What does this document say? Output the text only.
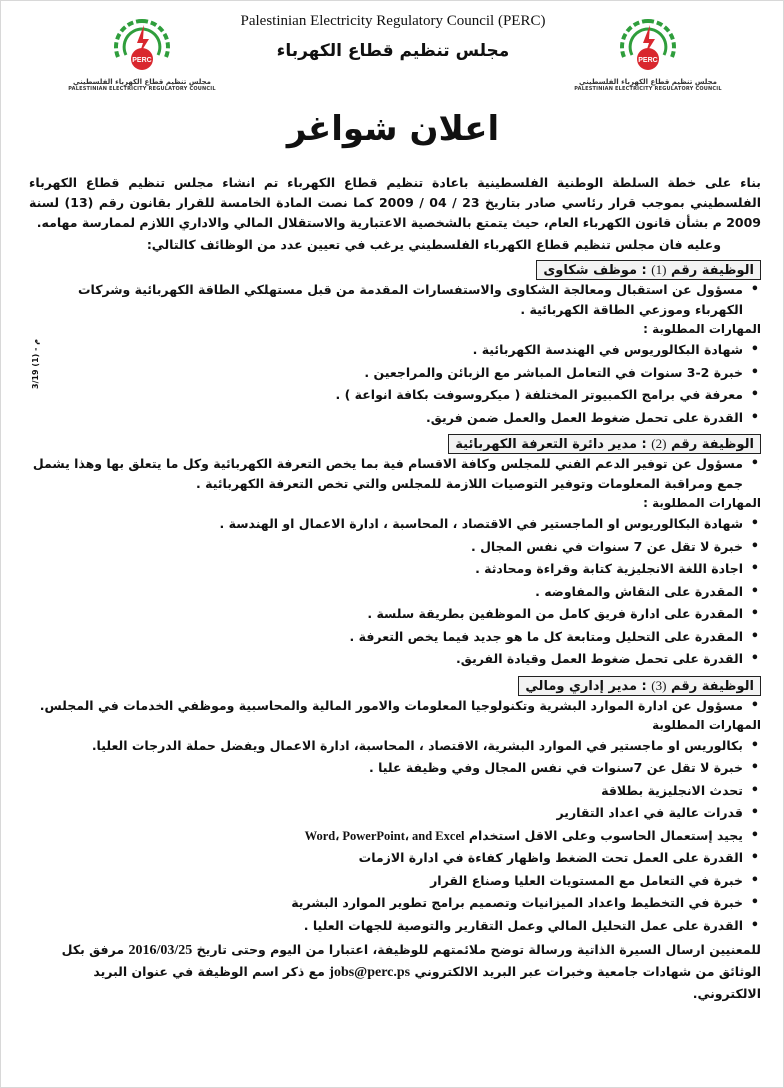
PERC
مجلس تنظيم قطاع الكهرباء الفلسطيني
PALESTINIAN ELECTRICITY REGULATORY COUNCIL
PERC
مجلس تنظيم قطاع الكهرباء الفلسطيني
PALESTINIAN ELECTRICITY REGULATORY COUNCIL
Palestinian Electricity Regulatory Council (PERC)
مجلس تنظيم قطاع الكهرباء
اعلان شواغر
م - (1) 3/19

بناء على خطة السلطة الوطنية الفلسطينية باعادة تنظيم قطاع الكهرباء تم انشاء مجلس تنظيم قطاع الكهرباء الفلسطيني بموجب قرار رئاسي صادر بتاريخ 23 / 04 / 2009 كما نصت المادة الخامسة للقرار بقانون رقم (13) لسنة 2009 م بشأن قانون الكهرباء العام، حيث يتمتع بالشخصية الاعتبارية والاستقلال المالي والاداري اللازم لممارسة مهامه.

وعليه فان مجلس تنظيم قطاع الكهرباء الفلسطيني يرغب في تعيين عدد من الوظائف كالتالي:

الوظيفة رقم (1) : موظف شكاوى
• مسؤول عن استقبال ومعالجة الشكاوى والاستفسارات المقدمة من قبل مستهلكي الطاقة الكهربائية وشركات الكهرباء وموزعي الطاقة الكهربائية .

المهارات المطلوبة :

• شهادة البكالوريوس في الهندسة الكهربائية .
• خبرة 2-3 سنوات في التعامل المباشر مع الزبائن والمراجعين .
• معرفة في برامج الكمبيوتر المختلفة ( ميكروسوفت بكافة انواعة ) .
• القدرة على تحمل ضغوط العمل والعمل ضمن فريق.
الوظيفة رقم (2) : مدير دائرة التعرفة الكهربائية
• مسؤول عن توفير الدعم الفني للمجلس وكافة الاقسام فية بما يخص التعرفة الكهربائية وكل ما يتعلق بها وهذا يشمل جمع ومراقبة المعلومات وتوفير التوصيات اللازمة للمجلس والتي تخص التعرفة الكهربائية .

المهارات المطلوبة :

• شهادة البكالوريوس او الماجستير في الاقتصاد ، المحاسبة ، ادارة الاعمال او الهندسة .
• خبرة لا تقل عن 7 سنوات في نفس المجال .
• اجادة اللغة الانجليزية كتابة وقراءة ومحادثة .
• المقدرة على النقاش والمفاوضه .
• المقدرة على ادارة فريق كامل من الموظفين بطريقة سلسة .
• المقدرة على التحليل ومتابعة كل ما هو جديد فيما يخص التعرفة .
• القدرة على تحمل ضغوط العمل وقيادة الفريق.
الوظيفة رقم (3) : مدير إداري ومالي
• مسؤول عن ادارة الموارد البشرية وتكنولوجيا المعلومات والامور المالية والمحاسبية وموظفي الخدمات في المجلس.

المهارات المطلوبة

• بكالوريس او ماجستير في الموارد البشرية، الاقتصاد ، المحاسبة، ادارة الاعمال ويفضل حملة الدرجات العليا.
• خبرة لا تقل عن 7سنوات في نفس المجال وفي وظيفة عليا .
• تحدث الانجليزية بطلاقة
• قدرات عالية في اعداد التقارير
• يجيد إستعمال الحاسوب وعلى الاقل استخدام Word، PowerPoint، and Excel
• القدرة على العمل تحت الضغط واظهار كفاءة في ادارة الازمات
• خبرة في التعامل مع المستويات العليا وصناع القرار
• خبرة في التخطيط واعداد الميزانيات وتصميم برامج تطوير الموارد البشرية
• القدرة على عمل التحليل المالي وعمل التقارير والتوصية للجهات العليا .
للمعنيين ارسال السيرة الذاتية ورسالة توضح ملائمتهم للوظيفة، اعتبارا من اليوم وحتى تاريخ 2016/03/25 مرفق بكل الوثائق من شهادات جامعية وخبرات عبر البريد الالكتروني jobs@perc.ps مع ذكر اسم الوظيفة في عنوان البريد الالكتروني.
